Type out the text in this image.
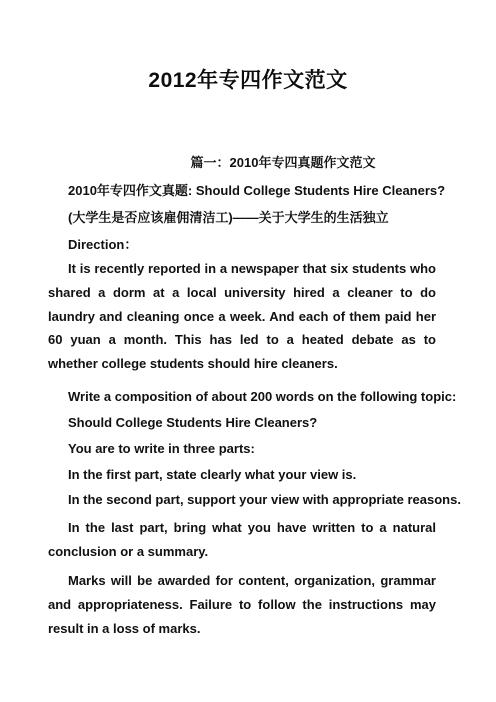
2012年专四作文范文
篇一：2010年专四真题作文范文
2010年专四作文真题: Should College Students Hire Cleaners?
(大学生是否应该雇佣清洁工)——关于大学生的生活独立
Direction：
It is recently reported in a newspaper that six students who shared a dorm at a local university hired a cleaner to do laundry and cleaning once a week. And each of them paid her 60 yuan a month. This has led to a heated debate as to whether college students should hire cleaners.
Write a composition of about 200 words on the following topic:
Should College Students Hire Cleaners?
You are to write in three parts:
In the first part, state clearly what your view is.
In the second part, support your view with appropriate reasons.
In the last part, bring what you have written to a natural conclusion or a summary.
Marks will be awarded for content, organization, grammar and appropriateness. Failure to follow the instructions may result in a loss of marks.
